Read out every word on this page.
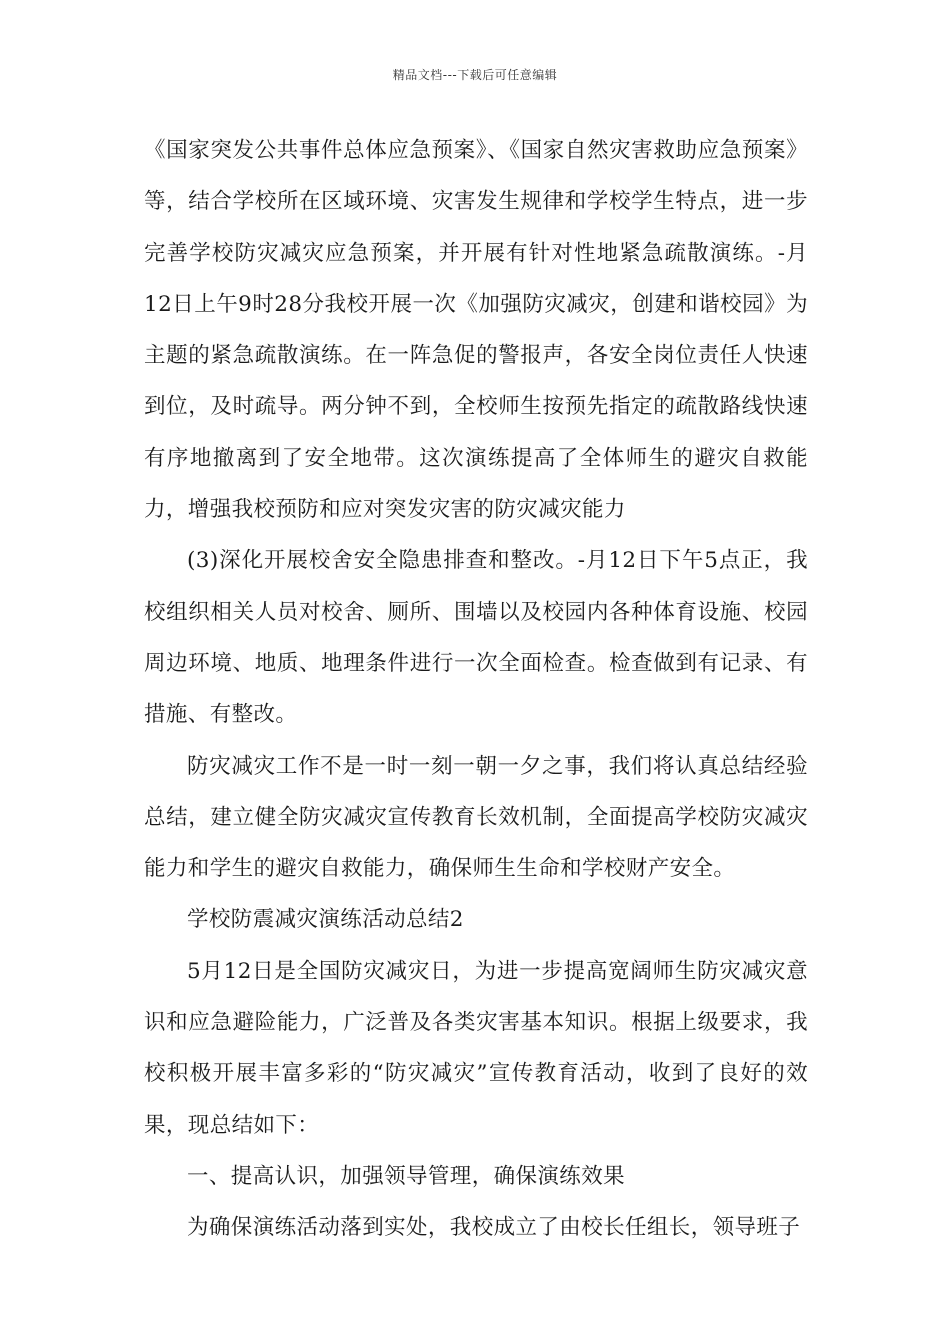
精品文档---下载后可任意编辑

《国家突发公共事件总体应急预案》、《国家自然灾害救助应急预案》等，结合学校所在区域环境、灾害发生规律和学校学生特点，进一步完善学校防灾减灾应急预案，并开展有针对性地紧急疏散演练。-月12日上午9时28分我校开展一次《加强防灾减灾，创建和谐校园》为主题的紧急疏散演练。在一阵急促的警报声，各安全岗位责任人快速到位，及时疏导。两分钟不到，全校师生按预先指定的疏散路线快速有序地撤离到了安全地带。这次演练提高了全体师生的避灾自救能力，增强我校预防和应对突发灾害的防灾减灾能力

(3)深化开展校舍安全隐患排查和整改。-月12日下午5点正，我校组织相关人员对校舍、厕所、围墙以及校园内各种体育设施、校园周边环境、地质、地理条件进行一次全面检查。检查做到有记录、有措施、有整改。

防灾减灾工作不是一时一刻一朝一夕之事，我们将认真总结经验总结，建立健全防灾减灾宣传教育长效机制，全面提高学校防灾减灾能力和学生的避灾自救能力，确保师生生命和学校财产安全。

学校防震减灾演练活动总结2

5月12日是全国防灾减灾日，为进一步提高宽阔师生防灾减灾意识和应急避险能力，广泛普及各类灾害基本知识。根据上级要求，我校积极开展丰富多彩的“防灾减灾”宣传教育活动，收到了良好的效果，现总结如下：

一、提高认识，加强领导管理，确保演练效果

为确保演练活动落到实处，我校成立了由校长任组长，领导班子
